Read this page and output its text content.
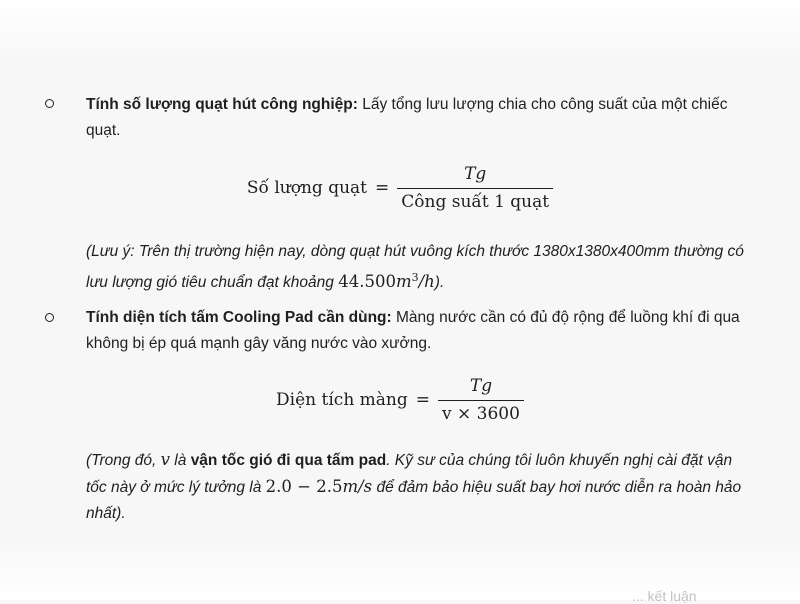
Tính số lượng quạt hút công nghiệp: Lấy tổng lưu lượng chia cho công suất của một chiếc quạt.
Số lượng quạt = $\frac{Tg}{\text{Công suất 1 quạt}}$
(Lưu ý: Trên thị trường hiện nay, dòng quạt hút vuông kích thước 1380x1380x400mm thường có lưu lượng gió tiêu chuẩn đạt khoảng $44.500m^3/h$).
Tính diện tích tấm Cooling Pad cần dùng: Màng nước cần có đủ độ rộng để luồng khí đi qua không bị ép quá mạnh gây văng nước vào xưởng.
Diện tích màng = $\frac{Tg}{v \times 3600}$
(Trong đó, v là vận tốc gió đi qua tấm pad. Kỹ sư của chúng tôi luôn khuyến nghị cài đặt vận tốc này ở mức lý tưởng là 2.0 − 2.5m/s để đảm bảo hiệu suất bay hơi nước diễn ra hoàn hảo nhất).
... kết luận
